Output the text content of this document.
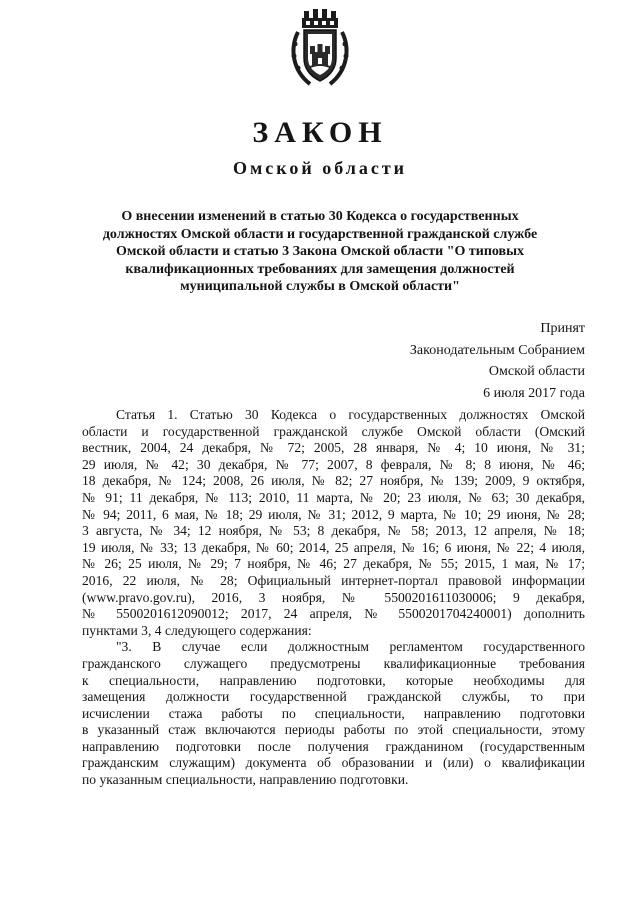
ЗАКОН
Омской области
О внесении изменений в статью 30 Кодекса о государственных
должностях Омской области и государственной гражданской службе
Омской области и статью 3 Закона Омской области "О типовых
квалификационных требованиях для замещения должностей
муниципальной службы в Омской области"
Принят
Законодательным Собранием
Омской области
6 июля 2017 года
Статья 1. Статью 30 Кодекса о государственных должностях Омской
области и государственной гражданской службе Омской области (Омский
вестник, 2004, 24 декабря, № 72; 2005, 28 января, № 4; 10 июня, № 31;
29 июля, № 42; 30 декабря, № 77; 2007, 8 февраля, № 8; 8 июня, № 46;
18 декабря, № 124; 2008, 26 июля, № 82; 27 ноября, № 139; 2009, 9 октября,
№ 91; 11 декабря, № 113; 2010, 11 марта, № 20; 23 июля, № 63; 30 декабря,
№ 94; 2011, 6 мая, № 18; 29 июля, № 31; 2012, 9 марта, № 10; 29 июня, № 28;
3 августа, № 34; 12 ноября, № 53; 8 декабря, № 58; 2013, 12 апреля, № 18;
19 июля, № 33; 13 декабря, № 60; 2014, 25 апреля, № 16; 6 июня, № 22; 4 июля,
№ 26; 25 июля, № 29; 7 ноября, № 46; 27 декабря, № 55; 2015, 1 мая, № 17;
2016, 22 июля, № 28; Официальный интернет-портал правовой информации
(www.pravo.gov.ru), 2016, 3 ноября, № 5500201611030006; 9 декабря,
№ 5500201612090012; 2017, 24 апреля, № 5500201704240001) дополнить
пунктами 3, 4 следующего содержания:
"3. В случае если должностным регламентом государственного
гражданского служащего предусмотрены квалификационные требования
к специальности, направлению подготовки, которые необходимы для
замещения должности государственной гражданской службы, то при
исчислении стажа работы по специальности, направлению подготовки
в указанный стаж включаются периоды работы по этой специальности, этому
направлению подготовки после получения гражданином (государственным
гражданским служащим) документа об образовании и (или) о квалификации
по указанным специальности, направлению подготовки.
